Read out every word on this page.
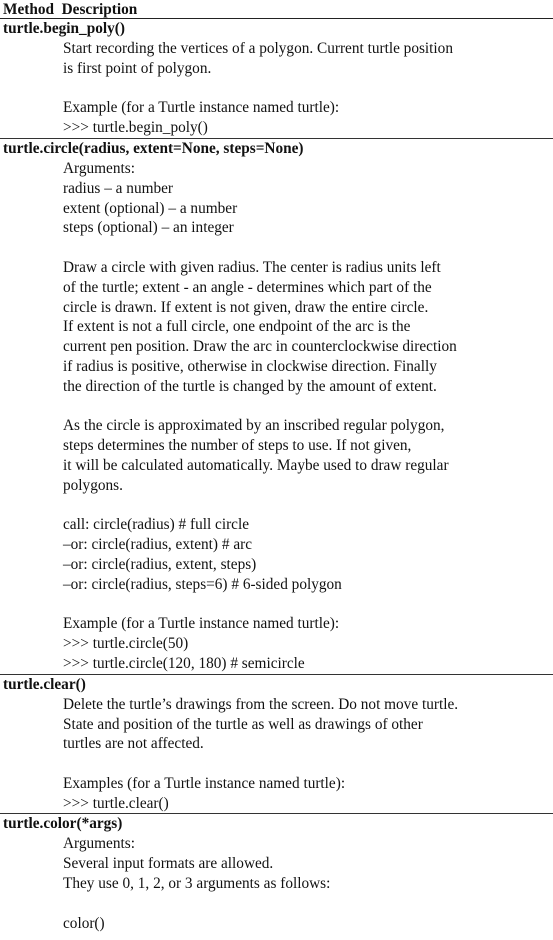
Method  Description
turtle.begin_poly()
Start recording the vertices of a polygon. Current turtle position
is first point of polygon.
Example (for a Turtle instance named turtle):
>>> turtle.begin_poly()
turtle.circle(radius, extent=None, steps=None)
Arguments:
radius – a number
extent (optional) – a number
steps (optional) – an integer
Draw a circle with given radius. The center is radius units left
of the turtle; extent - an angle - determines which part of the
circle is drawn. If extent is not given, draw the entire circle.
If extent is not a full circle, one endpoint of the arc is the
current pen position. Draw the arc in counterclockwise direction
if radius is positive, otherwise in clockwise direction. Finally
the direction of the turtle is changed by the amount of extent.
As the circle is approximated by an inscribed regular polygon,
steps determines the number of steps to use. If not given,
it will be calculated automatically. Maybe used to draw regular
polygons.
call: circle(radius) # full circle
–or: circle(radius, extent) # arc
–or: circle(radius, extent, steps)
–or: circle(radius, steps=6) # 6-sided polygon
Example (for a Turtle instance named turtle):
>>> turtle.circle(50)
>>> turtle.circle(120, 180) # semicircle
turtle.clear()
Delete the turtle’s drawings from the screen. Do not move turtle.
State and position of the turtle as well as drawings of other
turtles are not affected.
Examples (for a Turtle instance named turtle):
>>> turtle.clear()
turtle.color(*args)
Arguments:
Several input formats are allowed.
They use 0, 1, 2, or 3 arguments as follows:
color()
